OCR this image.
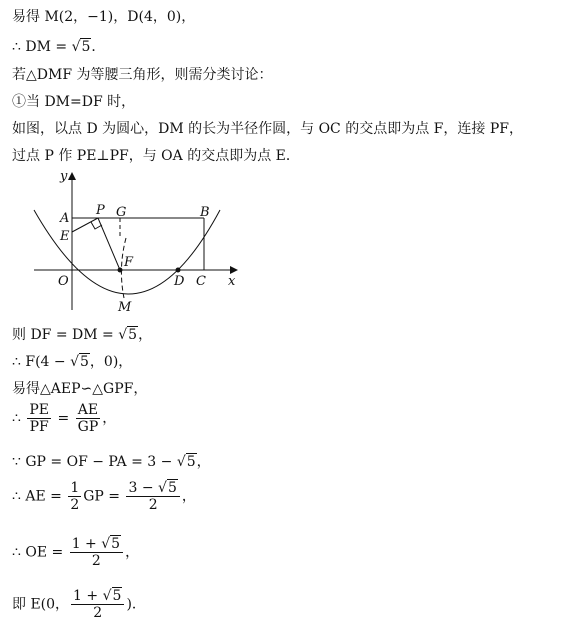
易得 M(2，−1)，D(4，0)，
∴ DM = √5．
若△DMF 为等腰三角形，则需分类讨论：
①当 DM=DF 时，
如图，以点 D 为圆心，DM 的长为半径作圆，与 OC 的交点即为点 F，连接 PF，
过点 P 作 PE⊥PF，与 OA 的交点即为点 E．
y
x
O
A
E
P G	B
F
D C
M
则 DF = DM = √5，
∴ F(4 − √5，0)，
易得△AEP∽△GPF，
∴ $\frac{PE}{PF} = \frac{AE}{GP}$ ，
∵ GP = OF − PA = 3 − √5，
∴ AE = $\frac{1}{2}$ GP = $\frac{3 - √5}{2}$ ，
∴ OE = $\frac{1 + √5}{2}$ ，
即 E(0， $\frac{1 + √5}{2}$ )．
